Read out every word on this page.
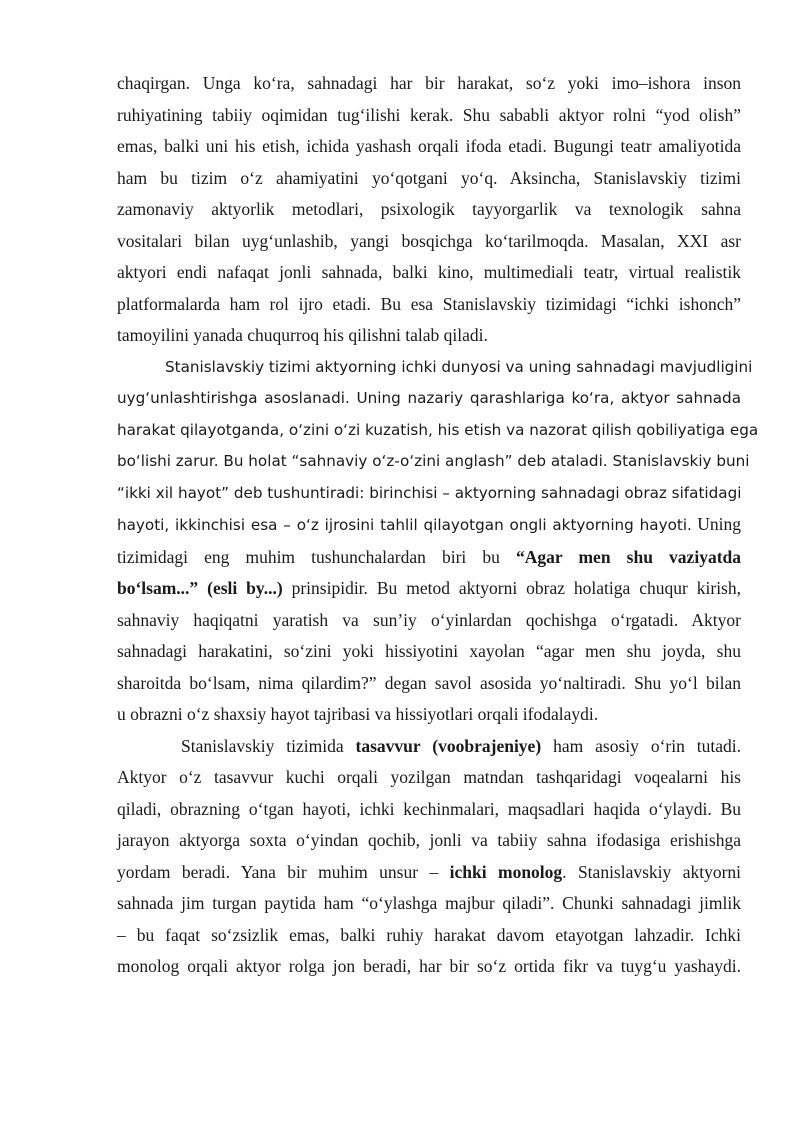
chaqirgan. Unga ko‘ra, sahnadagi har bir harakat, so‘z yoki imo–ishora inson
ruhiyatining tabiiy oqimidan tug‘ilishi kerak. Shu sababli aktyor rolni “yod olish”
emas, balki uni his etish, ichida yashash orqali ifoda etadi. Bugungi teatr amaliyotida
ham bu tizim o‘z ahamiyatini yo‘qotgani yo‘q. Aksincha, Stanislavskiy tizimi
zamonaviy aktyorlik metodlari, psixologik tayyorgarlik va texnologik sahna
vositalari bilan uyg‘unlashib, yangi bosqichga ko‘tarilmoqda. Masalan, XXI asr
aktyori endi nafaqat jonli sahnada, balki kino, multimediali teatr, virtual realistik
platformalarda ham rol ijro etadi. Bu esa Stanislavskiy tizimidagi “ichki ishonch”
tamoyilini yanada chuqurroq his qilishni talab qiladi.

Stanislavskiy tizimi aktyorning ichki dunyosi va uning sahnadagi mavjudligini
uyg‘unlashtirishga asoslanadi. Uning nazariy qarashlariga ko‘ra, aktyor sahnada
harakat qilayotganda, o‘zini o‘zi kuzatish, his etish va nazorat qilish qobiliyatiga ega
bo‘lishi zarur. Bu holat “sahnaviy o‘z-o‘zini anglash” deb ataladi. Stanislavskiy buni
“ikki xil hayot” deb tushuntiradi: birinchisi – aktyorning sahnadagi obraz sifatidagi
hayoti, ikkinchisi esa – o‘z ijrosini tahlil qilayotgan ongli aktyorning hayoti. Uning
tizimidagi eng muhim tushunchalardan biri bu “Agar men shu vaziyatda
bo‘lsam...” (esli by...) prinsipidir. Bu metod aktyorni obraz holatiga chuqur kirish,
sahnaviy haqiqatni yaratish va sun’iy o‘yinlardan qochishga o‘rgatadi. Aktyor
sahnadagi harakatini, so‘zini yoki hissiyotini xayolan “agar men shu joyda, shu
sharoitda bo‘lsam, nima qilardim?” degan savol asosida yo‘naltiradi. Shu yo‘l bilan
u obrazni o‘z shaxsiy hayot tajribasi va hissiyotlari orqali ifodalaydi.

Stanislavskiy tizimida tasavvur (voobrajeniye) ham asosiy o‘rin tutadi.
Aktyor o‘z tasavvur kuchi orqali yozilgan matndan tashqaridagi voqealarni his
qiladi, obrazning o‘tgan hayoti, ichki kechinmalari, maqsadlari haqida o‘ylaydi. Bu
jarayon aktyorga soxta o‘yindan qochib, jonli va tabiiy sahna ifodasiga erishishga
yordam beradi. Yana bir muhim unsur – ichki monolog. Stanislavskiy aktyorni
sahnada jim turgan paytida ham “o‘ylashga majbur qiladi”. Chunki sahnadagi jimlik
– bu faqat so‘zsizlik emas, balki ruhiy harakat davom etayotgan lahzadir. Ichki
monolog orqali aktyor rolga jon beradi, har bir so‘z ortida fikr va tuyg‘u yashaydi.
